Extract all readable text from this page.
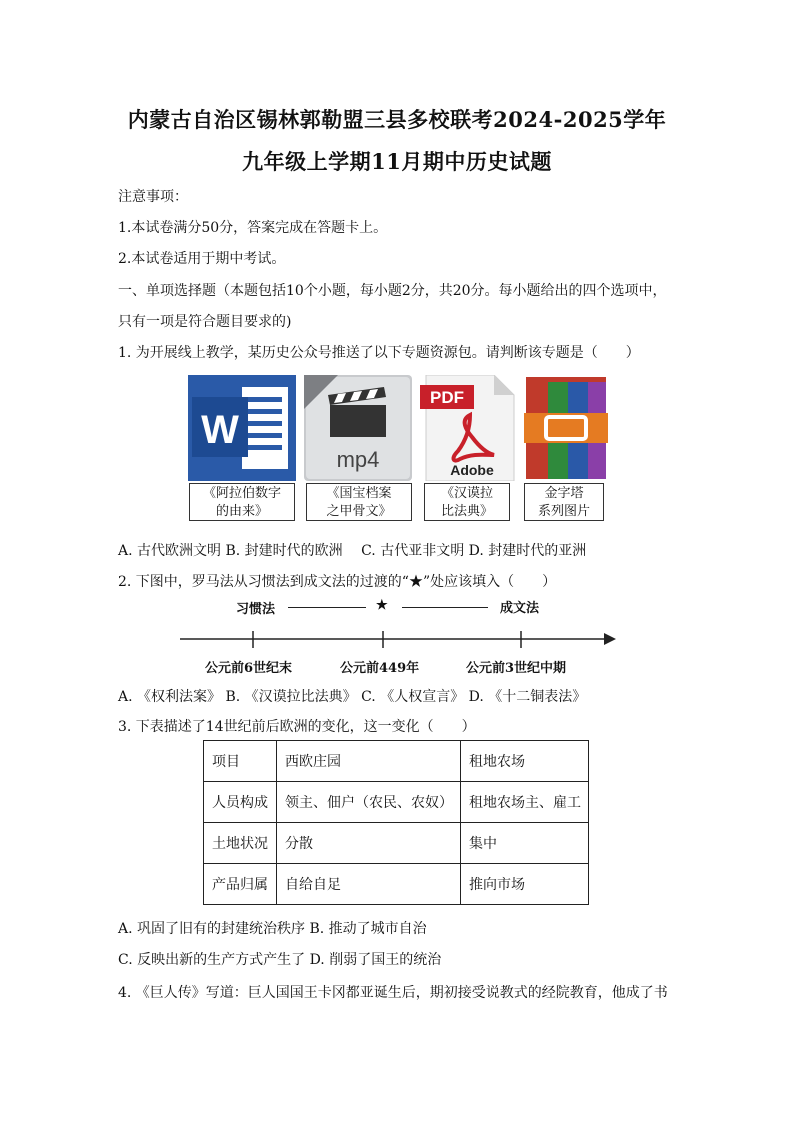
内蒙古自治区锡林郭勒盟三县多校联考2024-2025学年
九年级上学期11月期中历史试题
注意事项：
1.本试卷满分50分，答案完成在答题卡上。
2.本试卷适用于期中考试。
一、单项选择题（本题包括10个小题，每小题2分，共20分。每小题给出的四个选项中，
只有一项是符合题目要求的)
1. 为开展线上教学，某历史公众号推送了以下专题资源包。请判断该专题是（　　）
W
mp4
PDF
Adobe
《阿拉伯数字
的由来》
《国宝档案
之甲骨文》
《汉谟拉
比法典》
金字塔
系列图片
A. 古代欧洲文明 B. 封建时代的欧洲　 C. 古代亚非文明 D. 封建时代的亚洲
2. 下图中，罗马法从习惯法到成文法的过渡的“★”处应该填入（　　）
习惯法	★	成文法
公元前6世纪末	公元前449年	公元前3世纪中期
A. 《权利法案》 B. 《汉谟拉比法典》 C. 《人权宣言》 D. 《十二铜表法》
3. 下表描述了14世纪前后欧洲的变化，这一变化（　　）
项目	西欧庄园	租地农场
人员构成	领主、佃户（农民、农奴）	租地农场主、雇工
土地状况	分散	集中
产品归属	自给自足	推向市场
A. 巩固了旧有的封建统治秩序 B. 推动了城市自治
C. 反映出新的生产方式产生了 D. 削弱了国王的统治
4. 《巨人传》写道：巨人国国王卡冈都亚诞生后，期初接受说教式的经院教育，他成了书
